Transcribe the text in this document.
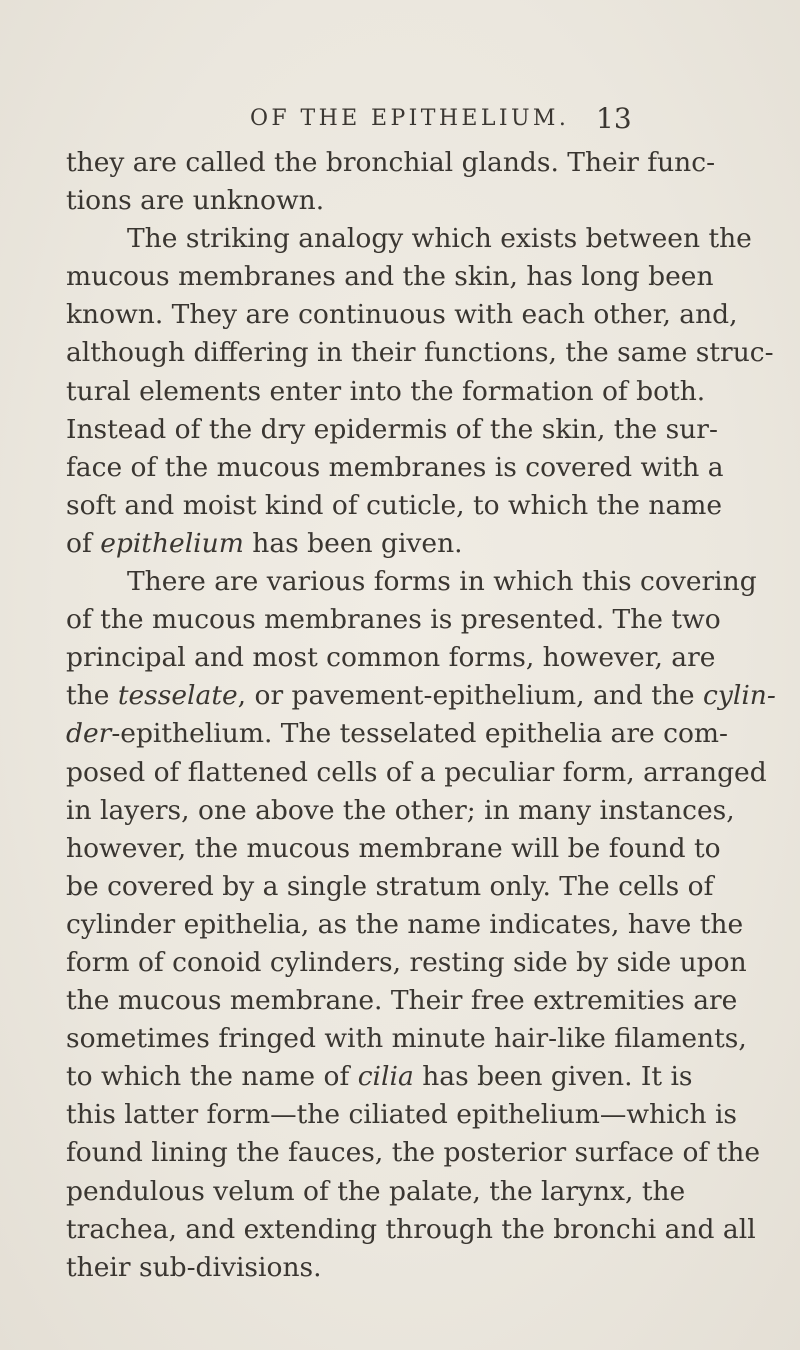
OF THE EPITHELIUM. 13
they are called the bronchial glands. Their func-
tions are unknown.
The striking analogy which exists between the
mucous membranes and the skin, has long been
known. They are continuous with each other, and,
although differing in their functions, the same struc-
tural elements enter into the formation of both.
Instead of the dry epidermis of the skin, the sur-
face of the mucous membranes is covered with a
soft and moist kind of cuticle, to which the name
of epithelium has been given.
There are various forms in which this covering
of the mucous membranes is presented. The two
principal and most common forms, however, are
the tesselate, or pavement-epithelium, and the cylin-
der-epithelium. The tesselated epithelia are com-
posed of flattened cells of a peculiar form, arranged
in layers, one above the other; in many instances,
however, the mucous membrane will be found to
be covered by a single stratum only. The cells of
cylinder epithelia, as the name indicates, have the
form of conoid cylinders, resting side by side upon
the mucous membrane. Their free extremities are
sometimes fringed with minute hair-like filaments,
to which the name of cilia has been given. It is
this latter form—the ciliated epithelium—which is
found lining the fauces, the posterior surface of the
pendulous velum of the palate, the larynx, the
trachea, and extending through the bronchi and all
their sub-divisions.
